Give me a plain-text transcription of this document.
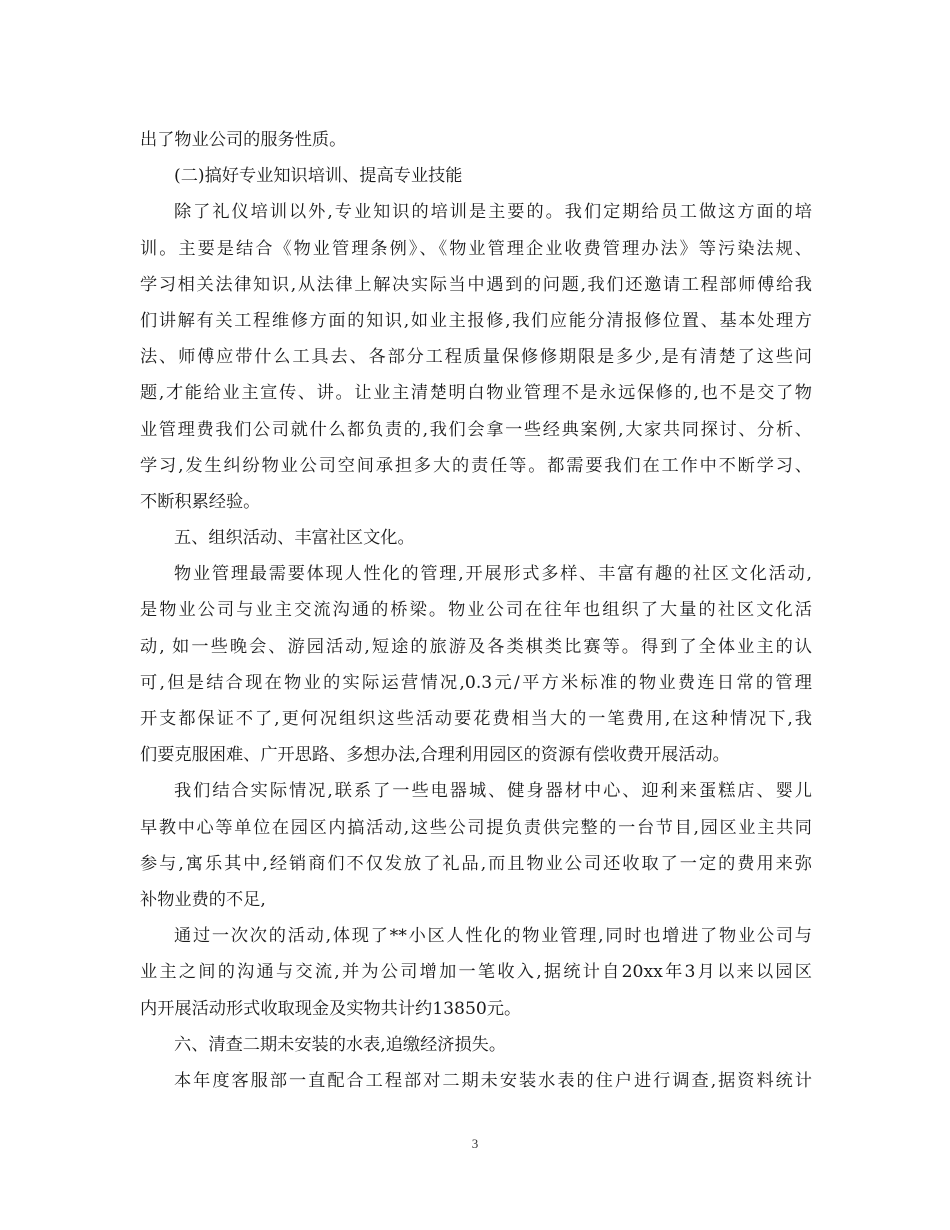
出了物业公司的服务性质。
(二)搞好专业知识培训、提高专业技能
除了礼仪培训以外,专业知识的培训是主要的。我们定期给员工做这方面的培
训。主要是结合《物业管理条例》、《物业管理企业收费管理办法》等污染法规、
学习相关法律知识,从法律上解决实际当中遇到的问题,我们还邀请工程部师傅给我
们讲解有关工程维修方面的知识,如业主报修,我们应能分清报修位置、基本处理方
法、师傅应带什么工具去、各部分工程质量保修修期限是多少,是有清楚了这些问
题,才能给业主宣传、讲。让业主清楚明白物业管理不是永远保修的,也不是交了物
业管理费我们公司就什么都负责的,我们会拿一些经典案例,大家共同探讨、分析、
学习,发生纠纷物业公司空间承担多大的责任等。都需要我们在工作中不断学习、
不断积累经验。
五、组织活动、丰富社区文化。
物业管理最需要体现人性化的管理,开展形式多样、丰富有趣的社区文化活动,
是物业公司与业主交流沟通的桥梁。物业公司在往年也组织了大量的社区文化活
动, 如一些晚会、游园活动,短途的旅游及各类棋类比赛等。得到了全体业主的认
可,但是结合现在物业的实际运营情况,0.3元/平方米标准的物业费连日常的管理
开支都保证不了,更何况组织这些活动要花费相当大的一笔费用,在这种情况下,我
们要克服困难、广开思路、多想办法,合理利用园区的资源有偿收费开展活动。
我们结合实际情况,联系了一些电器城、健身器材中心、迎利来蛋糕店、婴儿
早教中心等单位在园区内搞活动,这些公司提负责供完整的一台节目,园区业主共同
参与,寓乐其中,经销商们不仅发放了礼品,而且物业公司还收取了一定的费用来弥
补物业费的不足,
通过一次次的活动,体现了**小区人性化的物业管理,同时也增进了物业公司与
业主之间的沟通与交流,并为公司增加一笔收入,据统计自20xx年3月以来以园区
内开展活动形式收取现金及实物共计约13850元。
六、清查二期未安装的水表,追缴经济损失。
本年度客服部一直配合工程部对二期未安装水表的住户进行调查,据资料统计
3
